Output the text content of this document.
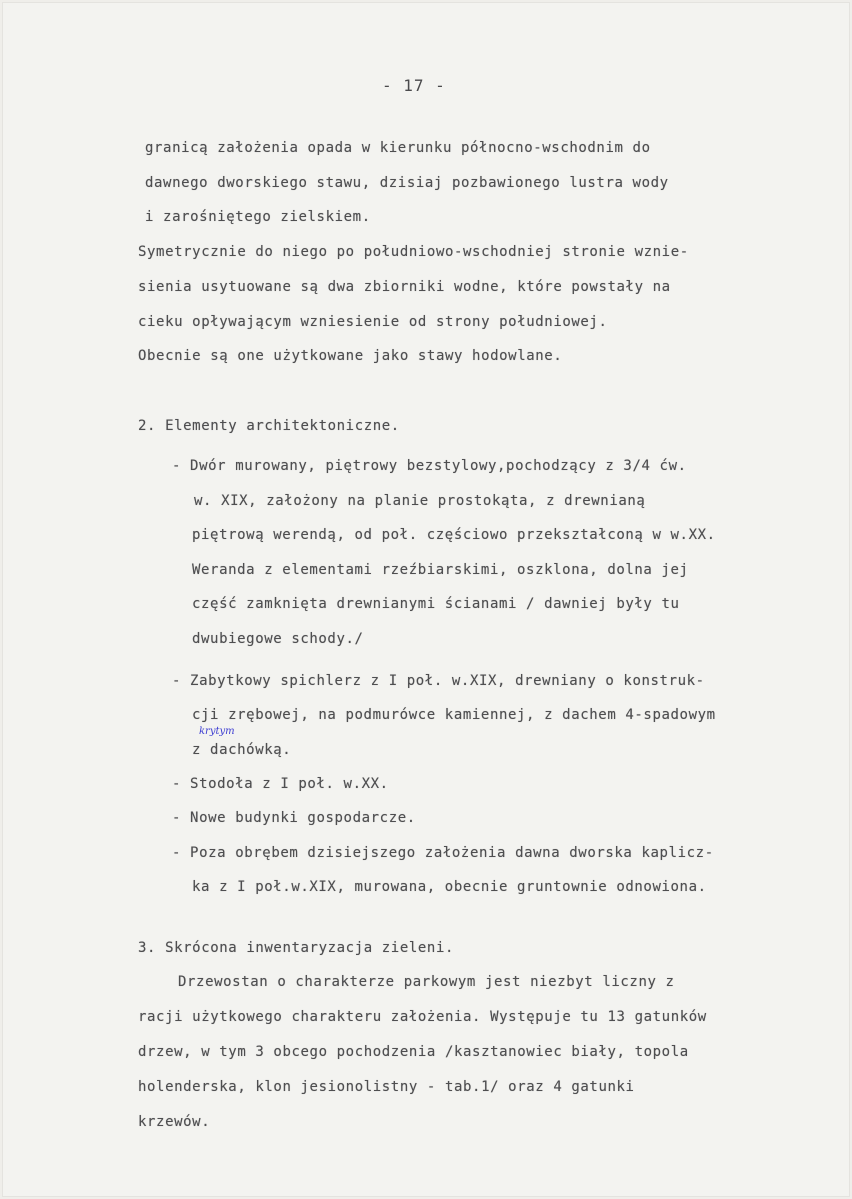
- 17 -
granicą założenia opada w kierunku północno-wschodnim do
dawnego dworskiego stawu, dzisiaj pozbawionego lustra wody
i zarośniętego zielskiem.
Symetrycznie do niego po południowo-wschodniej stronie wznie-
sienia usytuowane są dwa zbiorniki wodne, które powstały na
cieku opływającym wzniesienie od strony południowej.
Obecnie są one użytkowane jako stawy hodowlane.
2. Elementy architektoniczne.
- Dwór murowany, piętrowy bezstylowy,pochodzący z 3/4 ćw.
w. XIX, założony na planie prostokąta, z drewnianą
piętrową werendą, od poł. częściowo przekształconą w w.XX.
Weranda z elementami rzeźbiarskimi, oszklona, dolna jej
część zamknięta drewnianymi ścianami / dawniej były tu
dwubiegowe schody./
- Zabytkowy spichlerz z I poł. w.XIX, drewniany o konstruk-
cji zrębowej, na podmurówce kamiennej, z dachem 4-spadowym
krytym
z dachówką.
- Stodoła z I poł. w.XX.
- Nowe budynki gospodarcze.
- Poza obrębem dzisiejszego założenia dawna dworska kaplicz-
ka z I poł.w.XIX, murowana, obecnie gruntownie odnowiona.
3. Skrócona inwentaryzacja zieleni.
Drzewostan o charakterze parkowym jest niezbyt liczny z
racji użytkowego charakteru założenia. Występuje tu 13 gatunków
drzew, w tym 3 obcego pochodzenia /kasztanowiec biały, topola
holenderska, klon jesionolistny - tab.1/ oraz 4 gatunki
krzewów.
